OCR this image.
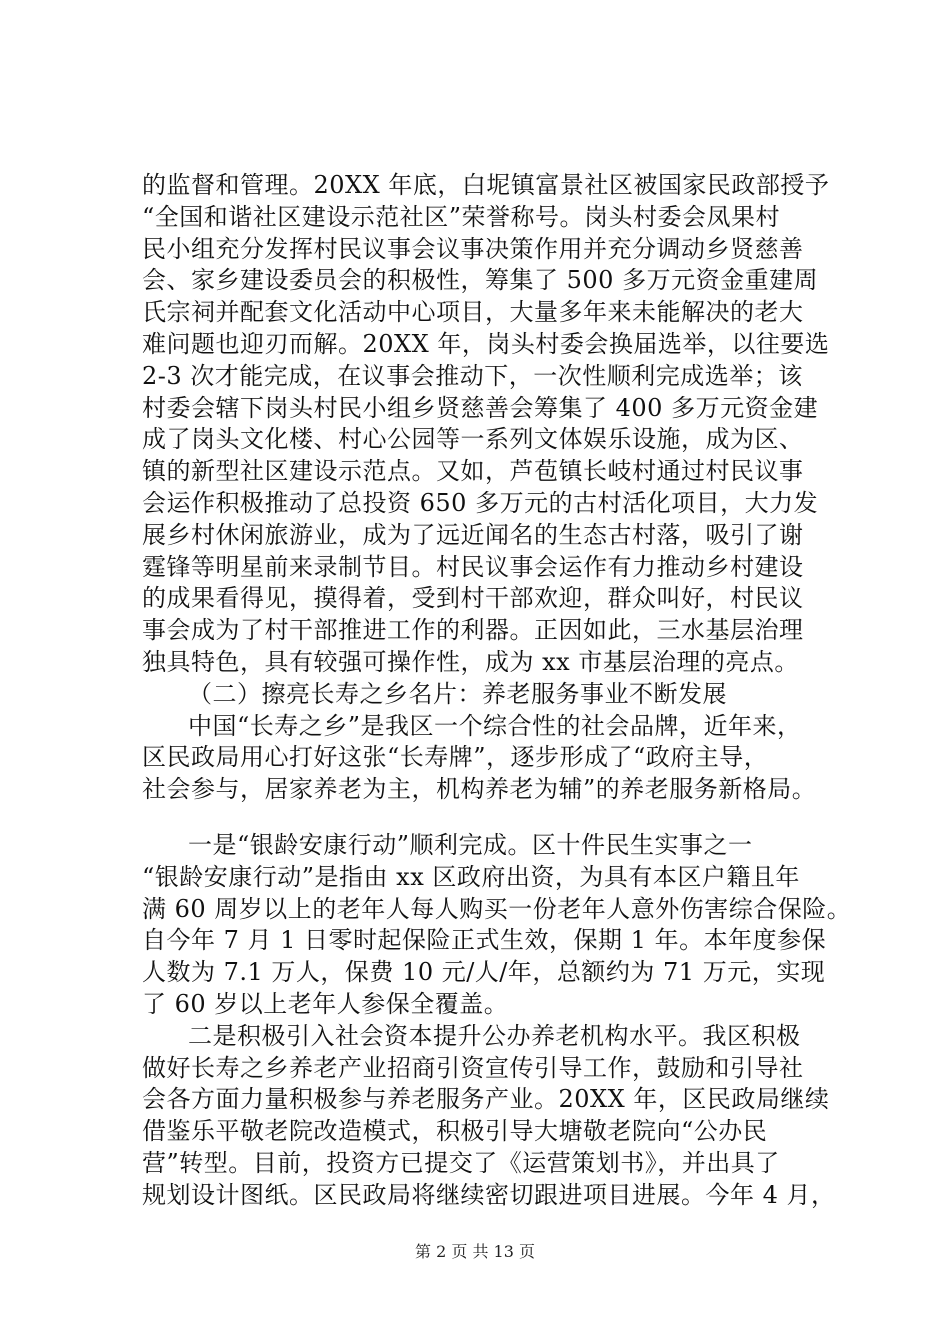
的监督和管理。20XX 年底，白坭镇富景社区被国家民政部授予
“全国和谐社区建设示范社区”荣誉称号。岗头村委会凤果村
民小组充分发挥村民议事会议事决策作用并充分调动乡贤慈善
会、家乡建设委员会的积极性，筹集了 500 多万元资金重建周
氏宗祠并配套文化活动中心项目，大量多年来未能解决的老大
难问题也迎刃而解。20XX 年，岗头村委会换届选举，以往要选
2-3 次才能完成，在议事会推动下，一次性顺利完成选举；该
村委会辖下岗头村民小组乡贤慈善会筹集了 400 多万元资金建
成了岗头文化楼、村心公园等一系列文体娱乐设施，成为区、
镇的新型社区建设示范点。又如，芦苞镇长岐村通过村民议事
会运作积极推动了总投资 650 多万元的古村活化项目，大力发
展乡村休闲旅游业，成为了远近闻名的生态古村落，吸引了谢
霆锋等明星前来录制节目。村民议事会运作有力推动乡村建设
的成果看得见，摸得着，受到村干部欢迎，群众叫好，村民议
事会成为了村干部推进工作的利器。正因如此，三水基层治理
独具特色，具有较强可操作性，成为 xx 市基层治理的亮点。
（二）擦亮长寿之乡名片：养老服务事业不断发展
中国“长寿之乡”是我区一个综合性的社会品牌，近年来，
区民政局用心打好这张“长寿牌”，逐步形成了“政府主导，
社会参与，居家养老为主，机构养老为辅”的养老服务新格局。
一是“银龄安康行动”顺利完成。区十件民生实事之一
“银龄安康行动”是指由 xx 区政府出资，为具有本区户籍且年
满 60 周岁以上的老年人每人购买一份老年人意外伤害综合保险。
自今年 7 月 1 日零时起保险正式生效，保期 1 年。本年度参保
人数为 7.1 万人，保费 10 元/人/年，总额约为 71 万元，实现
了 60 岁以上老年人参保全覆盖。
二是积极引入社会资本提升公办养老机构水平。我区积极
做好长寿之乡养老产业招商引资宣传引导工作，鼓励和引导社
会各方面力量积极参与养老服务产业。20XX 年，区民政局继续
借鉴乐平敬老院改造模式，积极引导大塘敬老院向“公办民
营”转型。目前，投资方已提交了《运营策划书》，并出具了
规划设计图纸。区民政局将继续密切跟进项目进展。今年 4 月，
第 2 页 共 13 页
